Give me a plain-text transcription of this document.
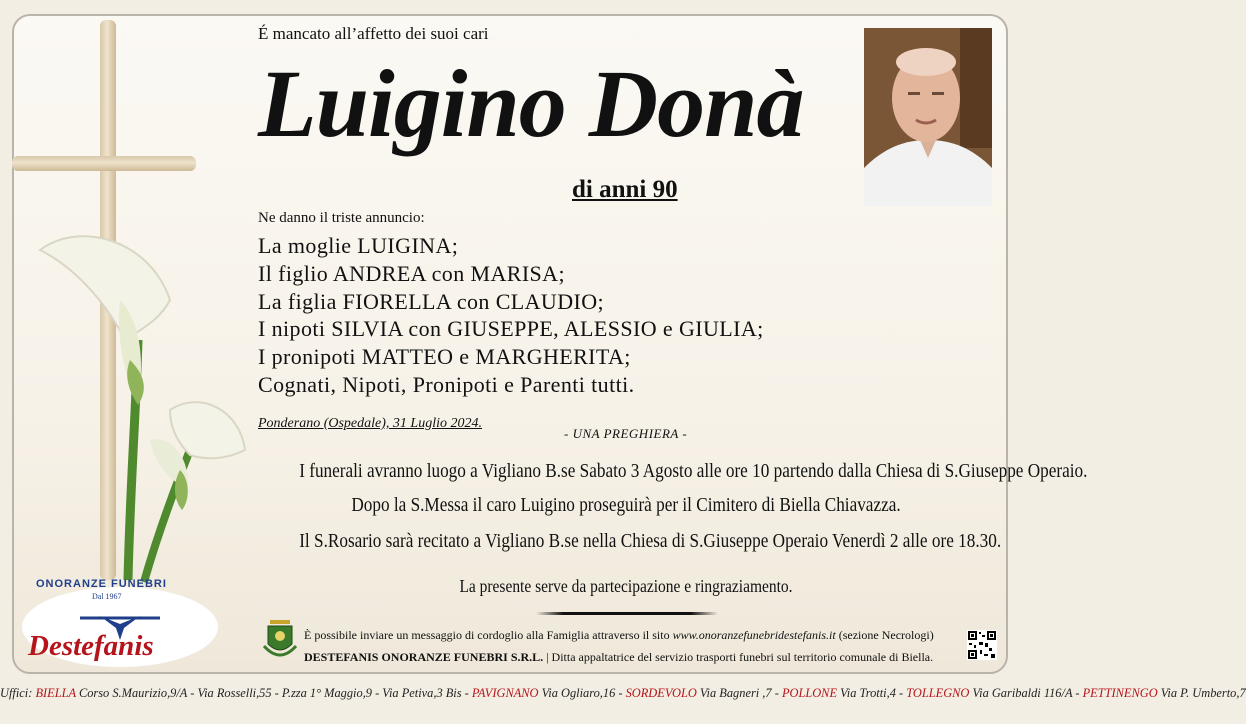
ONORANZE FUNEBRI
Dal 1967
Destefanis
É mancato all’affetto dei suoi cari
Luigino Donà
di anni 90
Ne danno il triste annuncio:
La moglie LUIGINA;
Il figlio ANDREA con MARISA;
La figlia FIORELLA con CLAUDIO;
I nipoti SILVIA con GIUSEPPE, ALESSIO e GIULIA;
I pronipoti MATTEO e MARGHERITA;
Cognati, Nipoti, Pronipoti e Parenti tutti.
Ponderano (Ospedale), 31 Luglio 2024.
- UNA PREGHIERA -
I funerali avranno luogo a Vigliano B.se Sabato 3 Agosto alle ore 10 partendo dalla Chiesa di S.Giuseppe Operaio.
Dopo la S.Messa il caro Luigino proseguirà per il Cimitero di Biella Chiavazza.
Il S.Rosario sarà recitato a Vigliano B.se nella Chiesa di S.Giuseppe Operaio Venerdì 2 alle ore 18.30.
La presente serve da partecipazione e ringraziamento.
È possibile inviare un messaggio di cordoglio alla Famiglia attraverso il sito www.onoranzefunebridestefanis.it (sezione Necrologi)
DESTEFANIS ONORANZE FUNEBRI S.R.L. | Ditta appaltatrice del servizio trasporti funebri sul territorio comunale di Biella.
Uffici: BIELLA Corso S.Maurizio,9/A - Via Rosselli,55 - P.zza 1° Maggio,9 - Via Petiva,3 Bis - PAVIGNANO Via Ogliaro,16 - SORDEVOLO Via Bagneri ,7 - POLLONE Via Trotti,4 - TOLLEGNO Via Garibaldi 116/A - PETTINENGO Via P. Umberto,7
